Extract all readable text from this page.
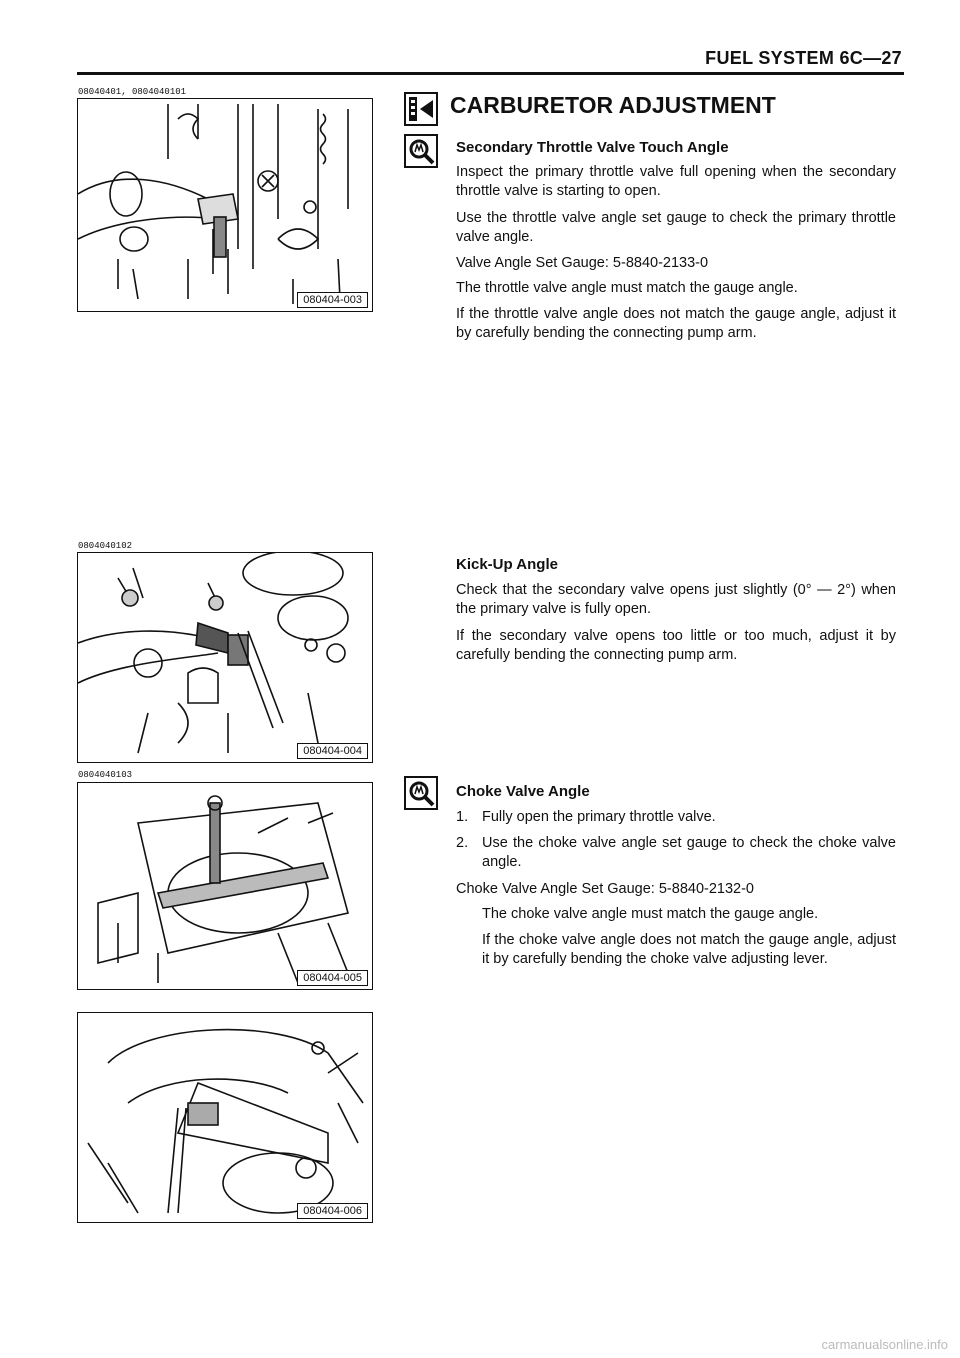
FUEL SYSTEM 6C—27
08040401, 0804040101
080404-003
0804040102
080404-004
0804040103
080404-005
080404-006
CARBURETOR ADJUSTMENT
Secondary Throttle Valve Touch Angle
Inspect the primary throttle valve full opening when the secondary throttle valve is starting to open.
Use the throttle valve angle set gauge to check the primary throttle valve angle.
Valve Angle Set Gauge: 5-8840-2133-0
The throttle valve angle must match the gauge angle.
If the throttle valve angle does not match the gauge angle, adjust it by carefully bending the connecting pump arm.
Kick-Up Angle
Check that the secondary valve opens just slightly (0° — 2°) when the primary valve is fully open.
If the secondary valve opens too little or too much, adjust it by carefully bending the connecting pump arm.
Choke Valve Angle
1. Fully open the primary throttle valve.
2. Use the choke valve angle set gauge to check the choke valve angle.
Choke Valve Angle Set Gauge: 5-8840-2132-0
The choke valve angle must match the gauge angle.
If the choke valve angle does not match the gauge angle, adjust it by carefully bending the choke valve adjusting lever.
carmanualsonline.info
